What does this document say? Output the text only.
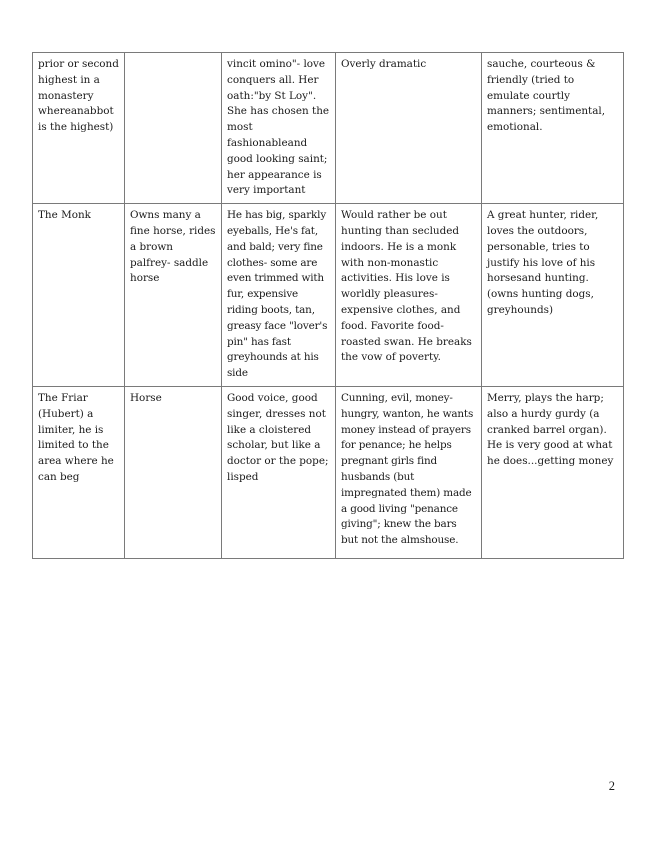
prior or second highest in a monastery whereanabbot is the highest)		vincit omino"- love conquers all. Her oath:"by St Loy". She has chosen the most fashionableand good looking saint; her appearance is very important	Overly dramatic	sauche, courteous & friendly (tried to emulate courtly manners; sentimental, emotional.
The Monk	Owns many a fine horse, rides a brown palfrey- saddle horse	He has big, sparkly eyeballs, He's fat, and bald; very fine clothes- some are even trimmed with fur, expensive riding boots, tan, greasy face "lover's pin" has fast greyhounds at his side	Would rather be out hunting than secluded indoors. He is a monk with non-monastic activities. His love is worldly pleasures- expensive clothes, and food. Favorite food- roasted swan. He breaks the vow of poverty.	A great hunter, rider, loves the outdoors, personable, tries to justify his love of his horsesand hunting. (owns hunting dogs, greyhounds)
The Friar (Hubert) a limiter, he is limited to the area where he can beg	Horse	Good voice, good singer, dresses not like a cloistered scholar, but like a doctor or the pope; lisped	Cunning, evil, money-hungry, wanton, he wants money instead of prayers for penance; he helps pregnant girls find husbands (but impregnated them) made a good living "penance giving"; knew the bars but not the almshouse.	Merry, plays the harp; also a hurdy gurdy (a cranked barrel organ). He is very good at what he does...getting money
2
